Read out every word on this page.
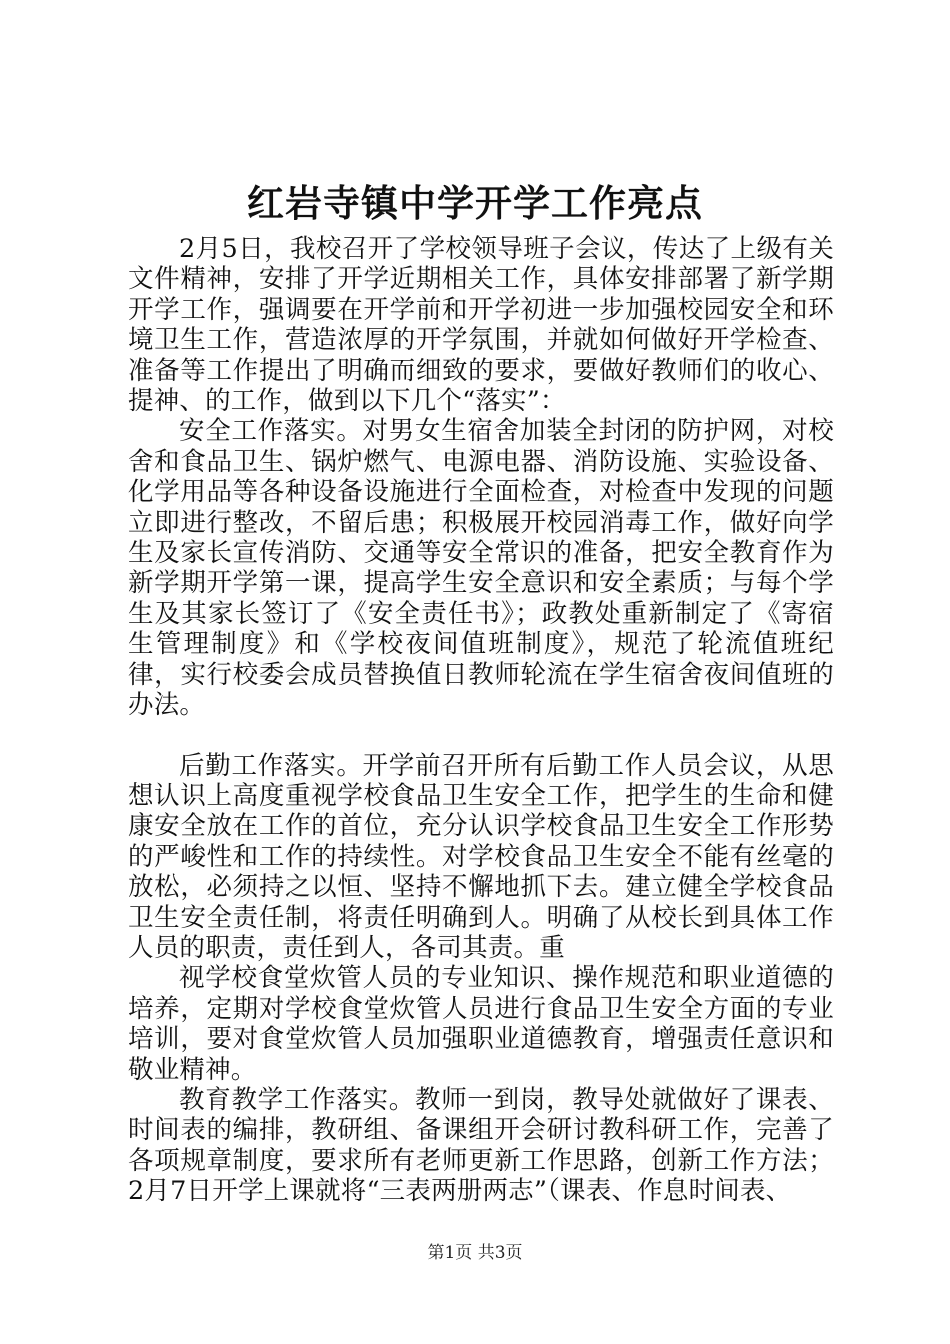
红岩寺镇中学开学工作亮点

2月5日，我校召开了学校领导班子会议，传达了上级有关文件精神，安排了开学近期相关工作，具体安排部署了新学期开学工作，强调要在开学前和开学初进一步加强校园安全和环境卫生工作，营造浓厚的开学氛围，并就如何做好开学检查、准备等工作提出了明确而细致的要求，要做好教师们的收心、提神、的工作，做到以下几个“落实”：

安全工作落实。对男女生宿舍加装全封闭的防护网，对校舍和食品卫生、锅炉燃气、电源电器、消防设施、实验设备、化学用品等各种设备设施进行全面检查，对检查中发现的问题立即进行整改，不留后患；积极展开校园消毒工作，做好向学生及家长宣传消防、交通等安全常识的准备，把安全教育作为新学期开学第一课，提高学生安全意识和安全素质；与每个学生及其家长签订了《安全责任书》；政教处重新制定了《寄宿生管理制度》和《学校夜间值班制度》，规范了轮流值班纪律，实行校委会成员替换值日教师轮流在学生宿舍夜间值班的办法。

后勤工作落实。开学前召开所有后勤工作人员会议，从思想认识上高度重视学校食品卫生安全工作，把学生的生命和健康安全放在工作的首位，充分认识学校食品卫生安全工作形势的严峻性和工作的持续性。对学校食品卫生安全不能有丝毫的放松，必须持之以恒、坚持不懈地抓下去。建立健全学校食品卫生安全责任制，将责任明确到人。明确了从校长到具体工作人员的职责，责任到人，各司其责。重

视学校食堂炊管人员的专业知识、操作规范和职业道德的培养，定期对学校食堂炊管人员进行食品卫生安全方面的专业培训，要对食堂炊管人员加强职业道德教育，增强责任意识和敬业精神。

教育教学工作落实。教师一到岗，教导处就做好了课表、时间表的编排，教研组、备课组开会研讨教科研工作，完善了各项规章制度，要求所有老师更新工作思路，创新工作方法；2月7日开学上课就将“三表两册两志”（课表、作息时间表、

第1页 共3页
